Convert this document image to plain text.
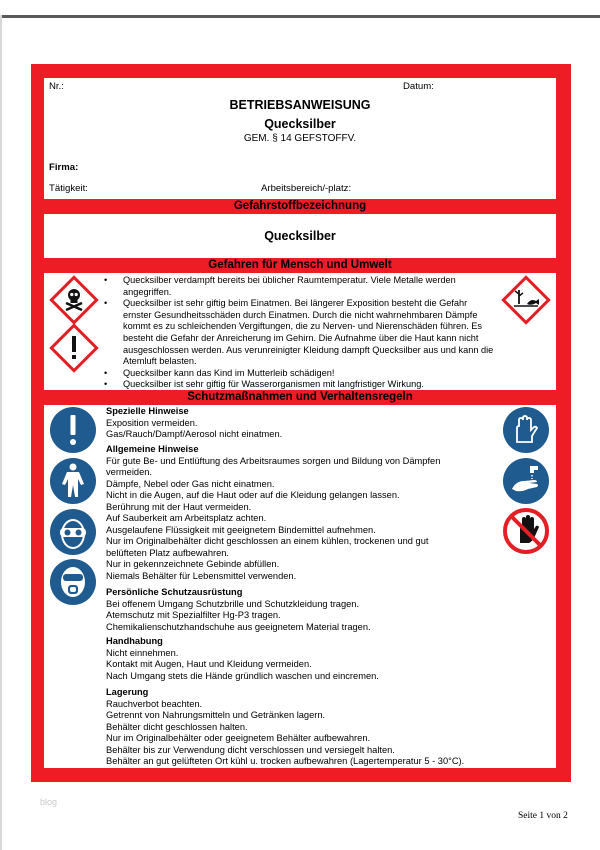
Nr.:	Datum:
BETRIEBSANWEISUNG
Quecksilber
GEM. § 14 GEFSTOFFV.
Firma:
Tätigkeit:	Arbeitsbereich/-platz:
Gefahrstoffbezeichnung
Quecksilber
Gefahren für Mensch und Umwelt
• Quecksilber verdampft bereits bei üblicher Raumtemperatur. Viele Metalle werden angegriffen.
• Quecksilber ist sehr giftig beim Einatmen. Bei längerer Exposition besteht die Gefahr ernster Gesundheitsschäden durch Einatmen. Durch die nicht wahrnehmbaren Dämpfe kommt es zu schleichenden Vergiftungen, die zu Nerven- und Nierenschäden führen. Es besteht die Gefahr der Anreicherung im Gehirn. Die Aufnahme über die Haut kann nicht ausgeschlossen werden. Aus verunreinigter Kleidung dampft Quecksilber aus und kann die Atemluft belasten.
• Quecksilber kann das Kind im Mutterleib schädigen!
• Quecksilber ist sehr giftig für Wasserorganismen mit langfristiger Wirkung.
Schutzmaßnahmen und Verhaltensregeln
Spezielle Hinweise
Exposition vermeiden.
Gas/Rauch/Dampf/Aerosol nicht einatmen.
Allgemeine Hinweise
Für gute Be- und Entlüftung des Arbeitsraumes sorgen und Bildung von Dämpfen
vermeiden.
Dämpfe, Nebel oder Gas nicht einatmen.
Nicht in die Augen, auf die Haut oder auf die Kleidung gelangen lassen.
Berührung mit der Haut vermeiden.
Auf Sauberkeit am Arbeitsplatz achten.
Ausgelaufene Flüssigkeit mit geeignetem Bindemittel aufnehmen.
Nur im Originalbehälter dicht geschlossen an einem kühlen, trockenen und gut
belüfteten Platz aufbewahren.
Nur in gekennzeichnete Gebinde abfüllen.
Niemals Behälter für Lebensmittel verwenden.
Persönliche Schutzausrüstung
Bei offenem Umgang Schutzbrille und Schutzkleidung tragen.
Atemschutz mit Spezialfilter Hg-P3 tragen.
Chemikalienschutzhandschuhe aus geeignetem Material tragen.
Handhabung
Nicht einnehmen.
Kontakt mit Augen, Haut und Kleidung vermeiden.
Nach Umgang stets die Hände gründlich waschen und eincremen.
Lagerung
Rauchverbot beachten.
Getrennt von Nahrungsmitteln und Getränken lagern.
Behälter dicht geschlossen halten.
Nur im Originalbehälter oder geeignetem Behälter aufbewahren.
Behälter bis zur Verwendung dicht verschlossen und versiegelt halten.
Behälter an gut gelüfteten Ort kühl u. trocken aufbewahren (Lagertemperatur 5 - 30°C).
blog
Seite 1 von 2
